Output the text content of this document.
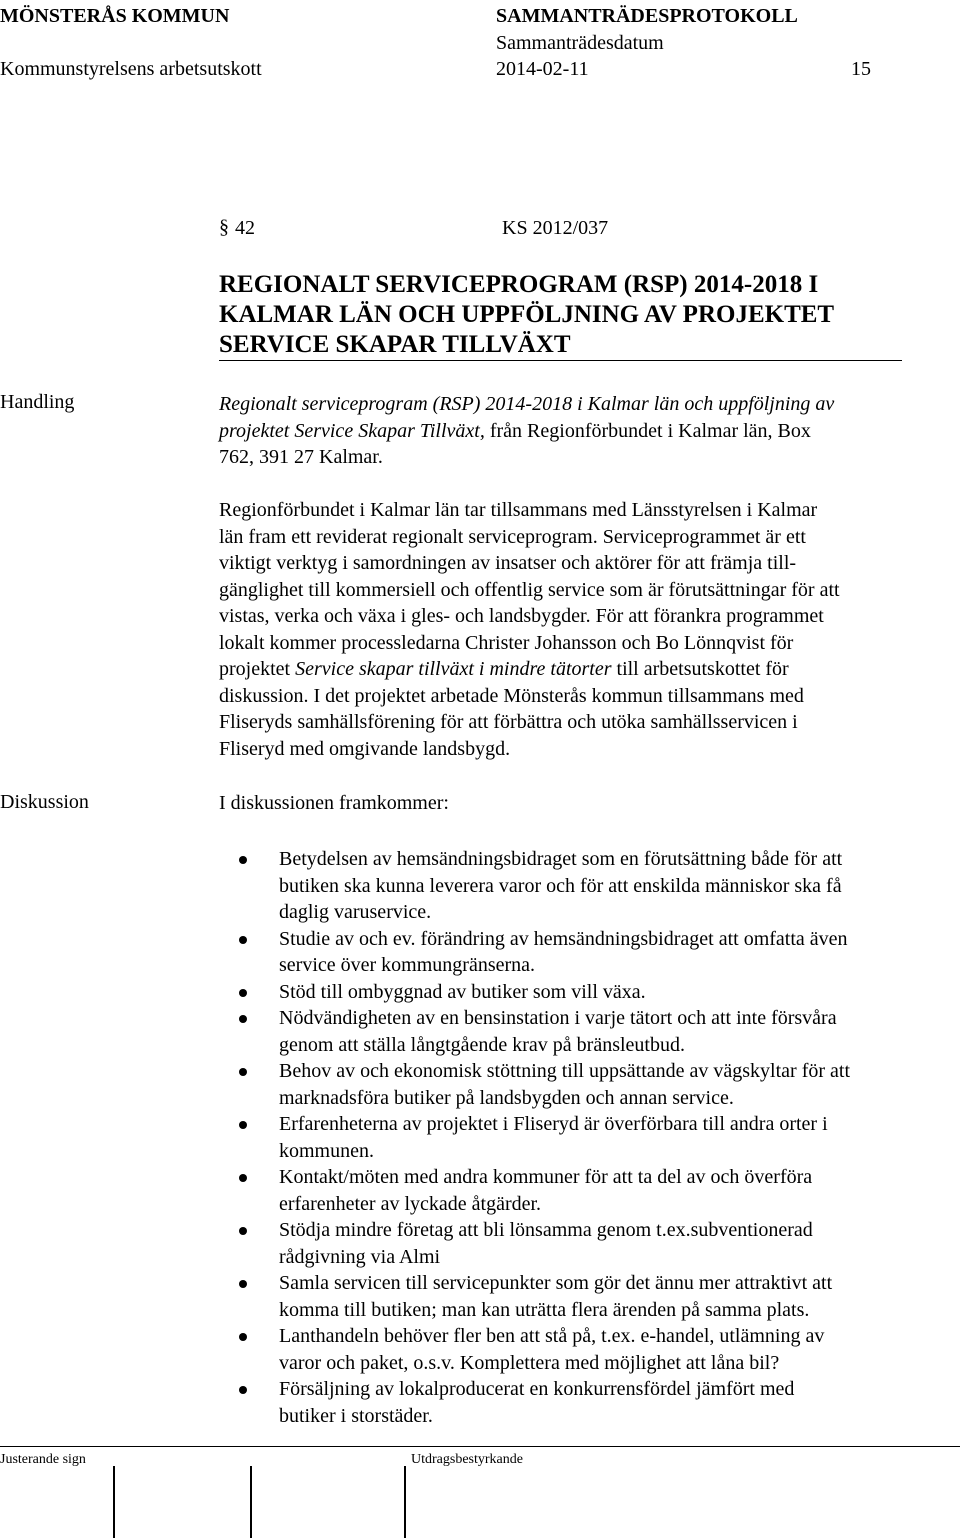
MÖNSTERÅS KOMMUN	SAMMANTRÄDESPROTOKOLL
Sammanträdesdatum
Kommunstyrelsens arbetsutskott	2014-02-11	15
§ 42	KS 2012/037
REGIONALT SERVICEPROGRAM (RSP) 2014-2018 I
KALMAR LÄN OCH UPPFÖLJNING AV PROJEKTET
SERVICE SKAPAR TILLVÄXT
Handling	Regionalt serviceprogram (RSP) 2014-2018 i Kalmar län och uppföljning av
projektet Service Skapar Tillväxt, från Regionförbundet i Kalmar län, Box
762, 391 27 Kalmar.
Regionförbundet i Kalmar län tar tillsammans med Länsstyrelsen i Kalmar
län fram ett reviderat regionalt serviceprogram. Serviceprogrammet är ett
viktigt verktyg i samordningen av insatser och aktörer för att främja till-
gänglighet till kommersiell och offentlig service som är förutsättningar för att
vistas, verka och växa i gles- och landsbygder. För att förankra programmet
lokalt kommer processledarna Christer Johansson och Bo Lönnqvist för
projektet Service skapar tillväxt i mindre tätorter till arbetsutskottet för
diskussion. I det projektet arbetade Mönsterås kommun tillsammans med
Fliseryds samhällsförening för att förbättra och utöka samhällsservicen i
Fliseryd med omgivande landsbygd.
Diskussion	I diskussionen framkommer:
Betydelsen av hemsändningsbidraget som en förutsättning både för att
butiken ska kunna leverera varor och för att enskilda människor ska få
daglig varuservice.
Studie av och ev. förändring av hemsändningsbidraget att omfatta även
service över kommungränserna.
Stöd till ombyggnad av butiker som vill växa.
Nödvändigheten av en bensinstation i varje tätort och att inte försvåra
genom att ställa långtgående krav på bränsleutbud.
Behov av och ekonomisk stöttning till uppsättande av vägskyltar för att
marknadsföra butiker på landsbygden och annan service.
Erfarenheterna av projektet i Fliseryd är överförbara till andra orter i
kommunen.
Kontakt/möten med andra kommuner för att ta del av och överföra
erfarenheter av lyckade åtgärder.
Stödja mindre företag att bli lönsamma genom t.ex.subventionerad
rådgivning via Almi
Samla servicen till servicepunkter som gör det ännu mer attraktivt att
komma till butiken; man kan uträtta flera ärenden på samma plats.
Lanthandeln behöver fler ben att stå på, t.ex. e-handel, utlämning av
varor och paket, o.s.v. Komplettera med möjlighet att låna bil?
Försäljning av lokalproducerat en konkurrensfördel jämfört med
butiker i storstäder.
Justerande sign	Utdragsbestyrkande
